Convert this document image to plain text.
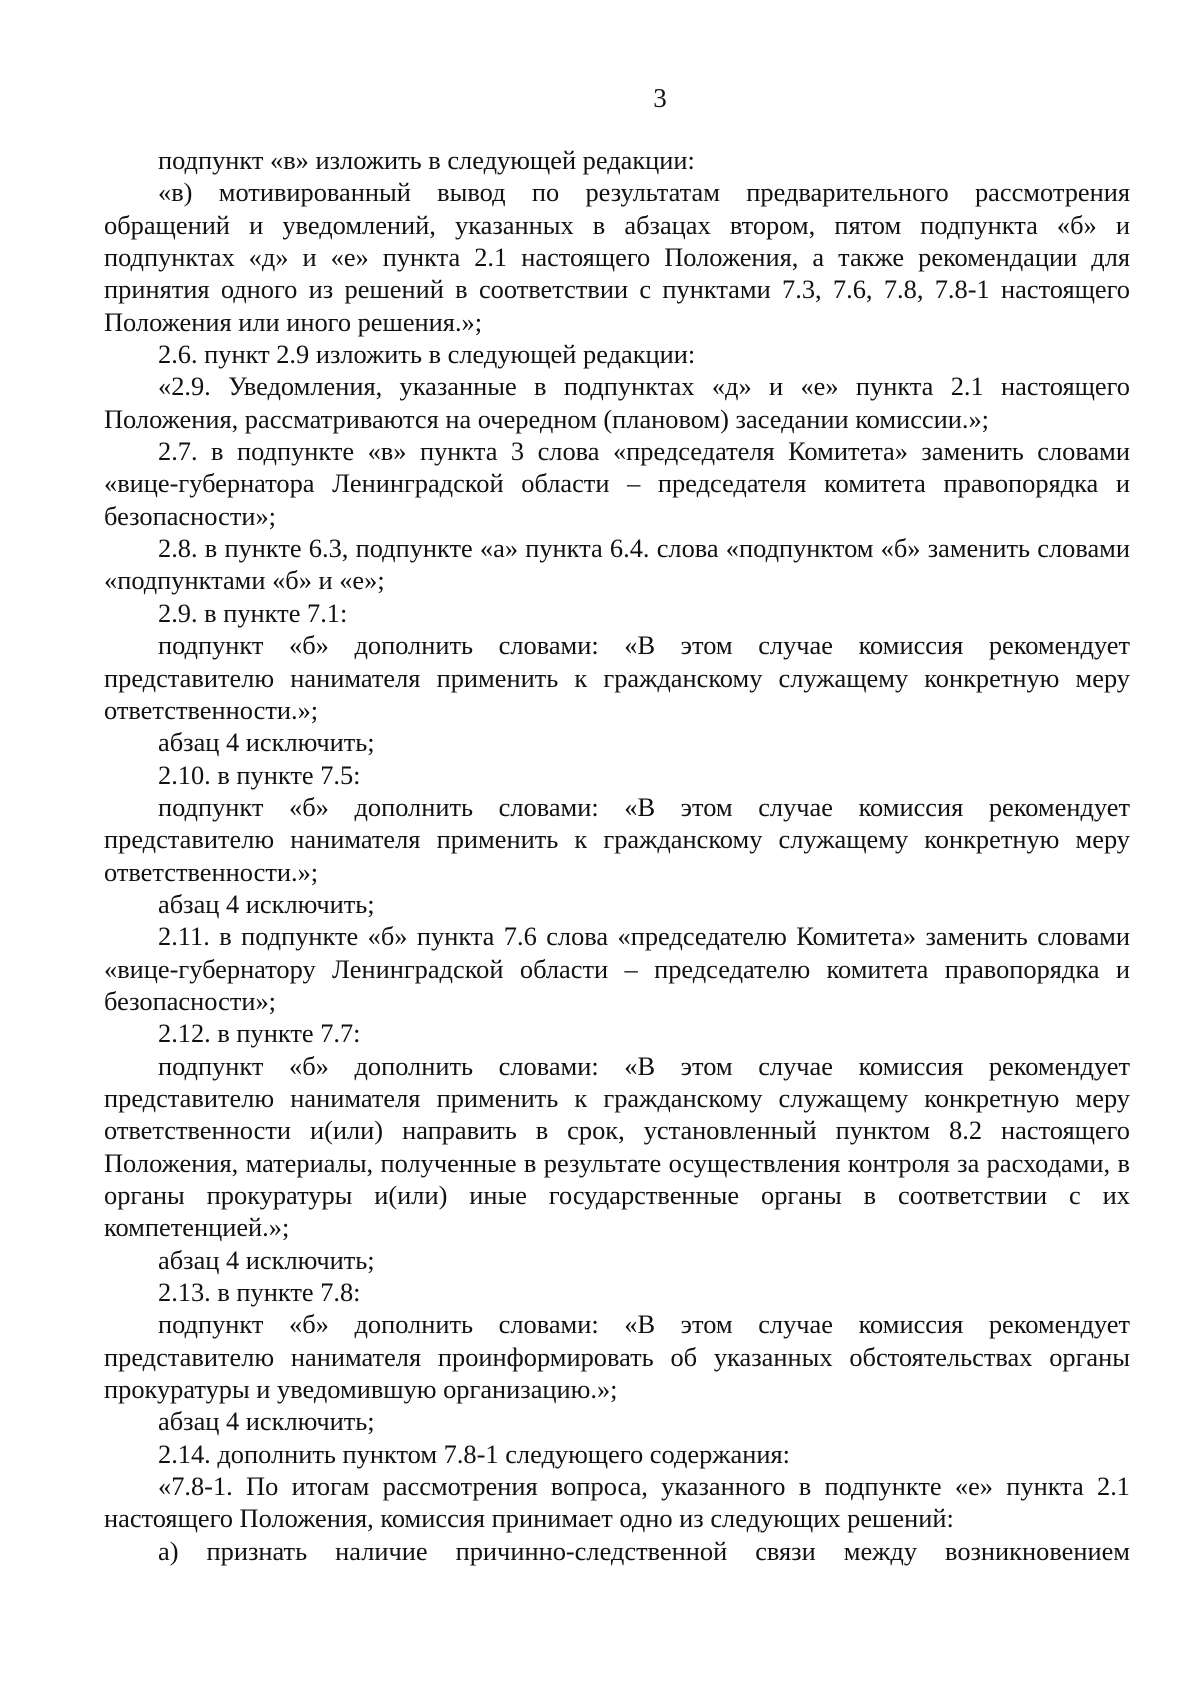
3

подпункт «в» изложить в следующей редакции:

«в) мотивированный вывод по результатам предварительного рассмотрения обращений и уведомлений, указанных в абзацах втором, пятом подпункта «б» и подпунктах «д» и «е» пункта 2.1 настоящего Положения, а также рекомендации для принятия одного из решений в соответствии с пунктами 7.3, 7.6, 7.8, 7.8-1 настоящего Положения или иного решения.»;

2.6. пункт 2.9 изложить в следующей редакции:

«2.9. Уведомления, указанные в подпунктах «д» и «е» пункта 2.1 настоящего Положения, рассматриваются на очередном (плановом) заседании комиссии.»;

2.7. в подпункте «в» пункта 3 слова «председателя Комитета» заменить словами «вице-губернатора Ленинградской области – председателя комитета правопорядка и безопасности»;

2.8. в пункте 6.3, подпункте «а» пункта 6.4. слова «подпунктом «б» заменить словами «подпунктами «б» и «е»;

2.9. в пункте 7.1:

подпункт «б» дополнить словами: «В этом случае комиссия рекомендует представителю нанимателя применить к гражданскому служащему конкретную меру ответственности.»;

абзац 4 исключить;

2.10. в пункте 7.5:

подпункт «б» дополнить словами: «В этом случае комиссия рекомендует представителю нанимателя применить к гражданскому служащему конкретную меру ответственности.»;

абзац 4 исключить;

2.11. в подпункте «б» пункта 7.6 слова «председателю Комитета» заменить словами «вице-губернатору Ленинградской области – председателю комитета правопорядка и безопасности»;

2.12. в пункте 7.7:

подпункт «б» дополнить словами: «В этом случае комиссия рекомендует представителю нанимателя применить к гражданскому служащему конкретную меру ответственности и(или) направить в срок, установленный пунктом 8.2 настоящего Положения, материалы, полученные в результате осуществления контроля за расходами, в органы прокуратуры и(или) иные государственные органы в соответствии с их компетенцией.»;

абзац 4 исключить;

2.13. в пункте 7.8:

подпункт «б» дополнить словами: «В этом случае комиссия рекомендует представителю нанимателя проинформировать об указанных обстоятельствах органы прокуратуры и уведомившую организацию.»;

абзац 4 исключить;

2.14. дополнить пунктом 7.8-1 следующего содержания:

«7.8-1. По итогам рассмотрения вопроса, указанного в подпункте «е» пункта 2.1 настоящего Положения, комиссия принимает одно из следующих решений:

а) признать наличие причинно-следственной связи между возникновением
